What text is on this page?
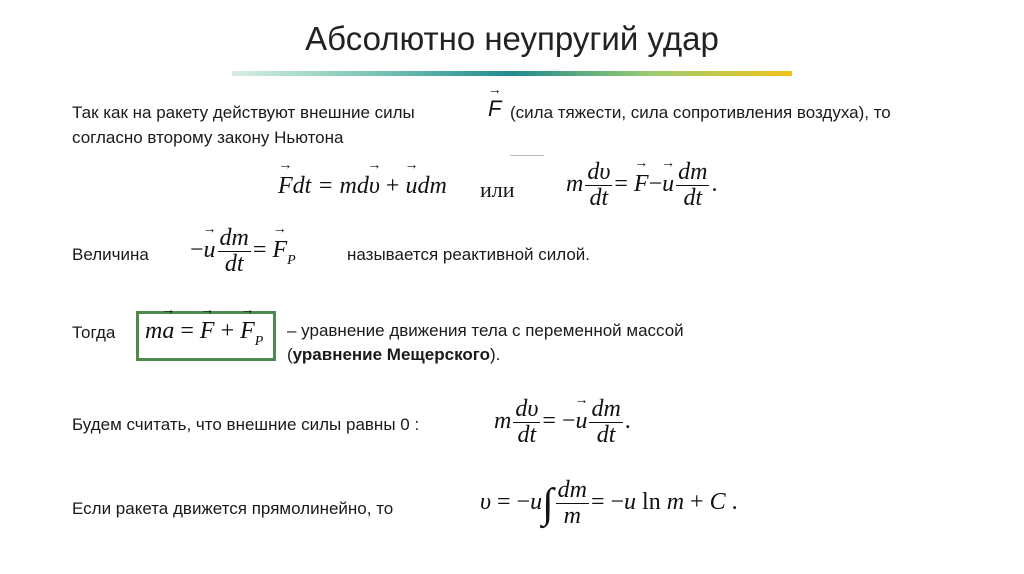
Абсолютно неупругий удар
Так как на ракету действуют внешние силы	F → (сила тяжести, сила сопротивления воздуха), то
согласно второму закону Ньютона
F →dt = mdυ → + u →dm или m $\frac{d\upsilon}{dt} = F \to-u \to \frac{dm}{dt}$ .
Величина $-u \to \frac{dm}{dt} = F \to_P$	называется реактивной силой.
Тогда ma → = F → + $F \to_P$
– уравнение движения тела с переменной массой
(уравнение Мещерского).
Будем считать, что внешние силы равны 0 :	m $\frac{d\upsilon}{dt} = -u \to \frac{dm}{dt}$ .
Если ракета движется прямолинейно, то	$\upsilon = -u\int \frac{dm}{m} = -u$ ln m + C .
